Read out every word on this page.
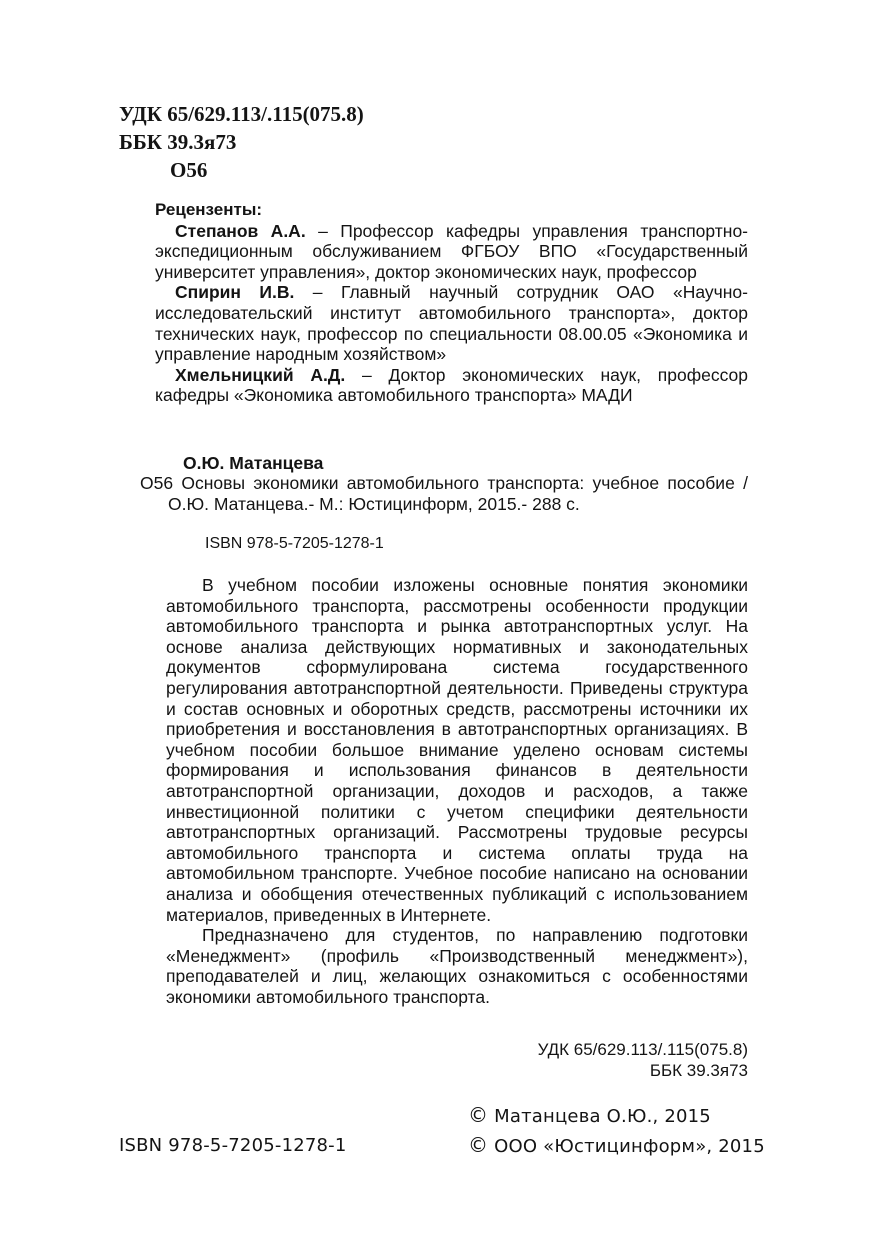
УДК 65/629.113/.115(075.8)
ББК 39.3я73
О56
Рецензенты:

Степанов А.А. – Профессор кафедры управления транспортно-экспедиционным обслуживанием ФГБОУ ВПО «Государственный университет управления», доктор экономических наук, профессор

Спирин И.В. – Главный научный сотрудник ОАО «Научно-исследовательский институт автомобильного транспорта», доктор технических наук, профессор по специальности 08.00.05 «Экономика и управление народным хозяйством»

Хмельницкий А.Д. – Доктор экономических наук, профессор кафедры «Экономика автомобильного транспорта» МАДИ

О.Ю. Матанцева
О56 Основы экономики автомобильного транспорта: учебное пособие / О.Ю. Матанцева.- М.: Юстицинформ, 2015.- 288 с.
ISBN 978-5-7205-1278-1

В учебном пособии изложены основные понятия экономики автомобильного транспорта, рассмотрены особенности продукции автомобильного транспорта и рынка автотранспортных услуг. На основе анализа действующих нормативных и законодательных документов сформулирована система государственного регулирования автотранспортной деятельности. Приведены структура и состав основных и оборотных средств, рассмотрены источники их приобретения и восстановления в автотранспортных организациях. В учебном пособии большое внимание уделено основам системы формирования и использования финансов в деятельности автотранспортной организации, доходов и расходов, а также инвестиционной политики с учетом специфики деятельности автотранспортных организаций. Рассмотрены трудовые ресурсы автомобильного транспорта и система оплаты труда на автомобильном транспорте. Учебное пособие написано на основании анализа и обобщения отечественных публикаций с использованием материалов, приведенных в Интернете.

Предназначено для студентов, по направлению подготовки «Менеджмент» (профиль «Производственный менеджмент»), преподавателей и лиц, желающих ознакомиться с особенностями экономики автомобильного транспорта.

УДК 65/629.113/.115(075.8)
ББК 39.3я73
ISBN 978-5-7205-1278-1
© Матанцева О.Ю., 2015
© ООО «Юстицинформ», 2015
